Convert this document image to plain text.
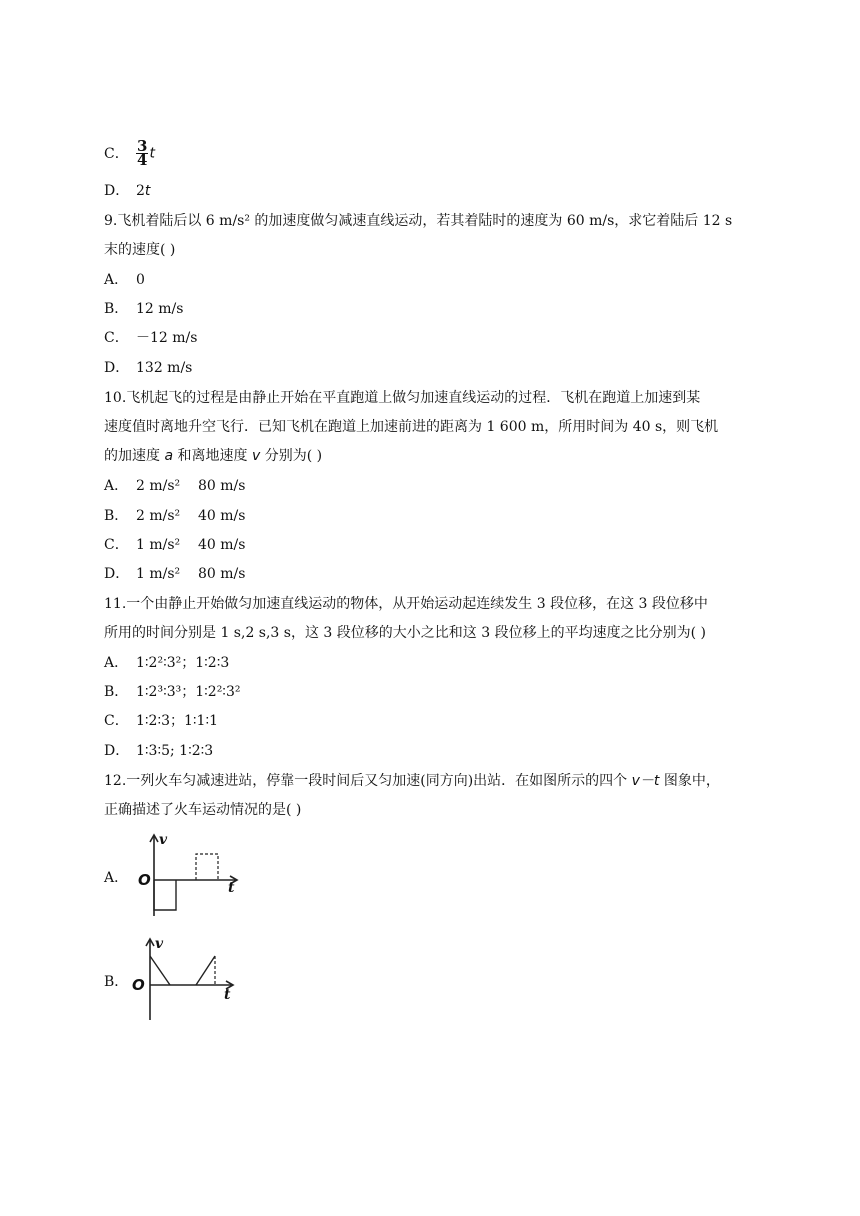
C． $\frac{3}{4}$ t
D． 2t
9.飞机着陆后以 6 m/s² 的加速度做匀减速直线运动，若其着陆时的速度为 60 m/s，求它着陆后 12 s
末的速度( )
A． 0
B． 12 m/s
C． －12 m/s
D． 132 m/s
10.飞机起飞的过程是由静止开始在平直跑道上做匀加速直线运动的过程．飞机在跑道上加速到某
速度值时离地升空飞行．已知飞机在跑道上加速前进的距离为 1 600 m，所用时间为 40 s，则飞机
的加速度 a 和离地速度 v 分别为( )
A． 2 m/s²    80 m/s
B． 2 m/s²    40 m/s
C． 1 m/s²    40 m/s
D． 1 m/s²    80 m/s
11.一个由静止开始做匀加速直线运动的物体，从开始运动起连续发生 3 段位移，在这 3 段位移中
所用的时间分别是 1 s,2 s,3 s，这 3 段位移的大小之比和这 3 段位移上的平均速度之比分别为( )
A． 1∶2²∶3²；1∶2∶3
B． 1∶2³∶3³；1∶2²∶3²
C． 1∶2∶3；1∶1∶1
D． 1∶3∶5; 1∶2∶3
12.一列火车匀减速进站，停靠一段时间后又匀加速(同方向)出站．在如图所示的四个 v－t 图象中，
正确描述了火车运动情况的是( )
A．
v
O	t
B．
v
O
t
